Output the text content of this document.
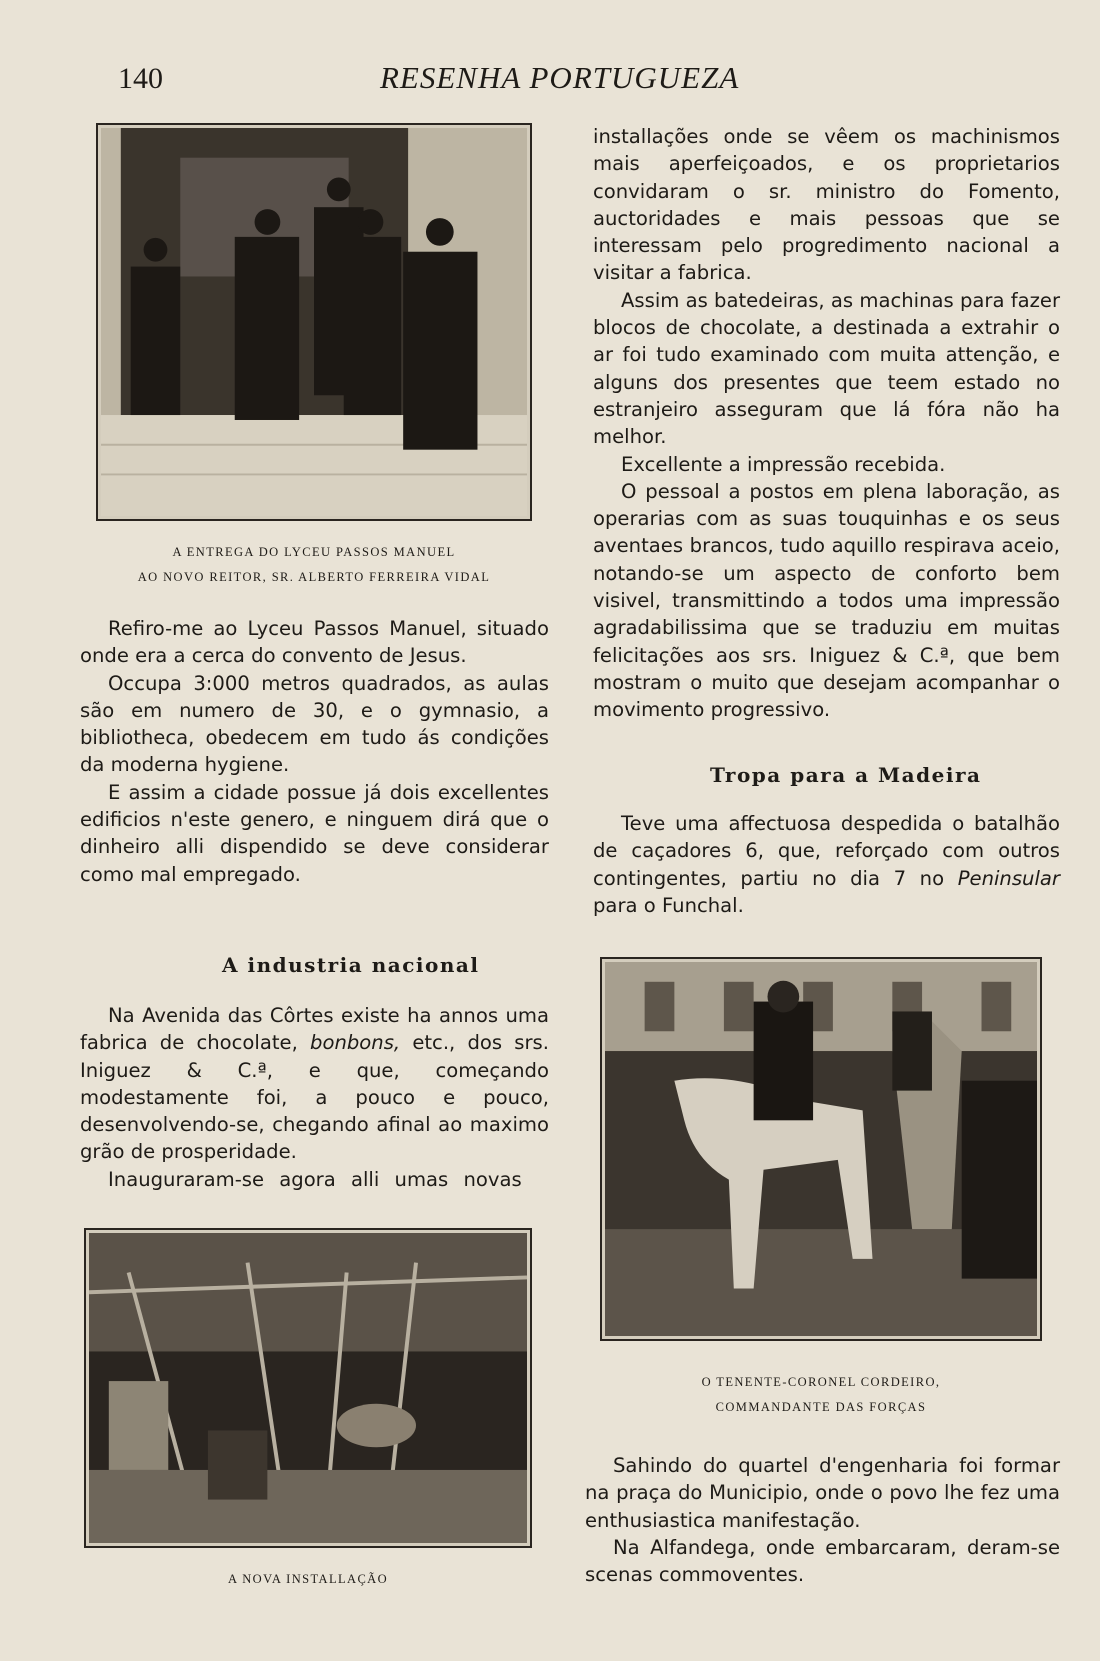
140	RESENHA PORTUGUEZA
A ENTREGA DO LYCEU PASSOS MANUEL
AO NOVO REITOR, SR. ALBERTO FERREIRA VIDAL

Refiro-me ao Lyceu Passos Manuel, situado onde era a cerca do convento de Jesus.

Occupa 3:000 metros quadrados, as aulas são em numero de 30, e o gymnasio, a bibliotheca, obedecem em tudo ás condições da moderna hygiene.

E assim a cidade possue já dois excellentes edificios n'este genero, e ninguem dirá que o dinheiro alli dispendido se deve considerar como mal empregado.

A industria nacional

Na Avenida das Côrtes existe ha annos uma fabrica de chocolate, bonbons, etc., dos srs. Iniguez & C.ª, e que, começando modestamente foi, a pouco e pouco, desenvolvendo-se, chegando afinal ao maximo grão de prosperidade.

Inauguraram-se agora alli umas novas

A NOVA INSTALLAÇÃO

installações onde se vêem os machinismos mais aperfeiçoados, e os proprietarios convidaram o sr. ministro do Fomento, auctoridades e mais pessoas que se interessam pelo progredimento nacional a visitar a fabrica.

Assim as batedeiras, as machinas para fazer blocos de chocolate, a destinada a extrahir o ar foi tudo examinado com muita attenção, e alguns dos presentes que teem estado no estranjeiro asseguram que lá fóra não ha melhor.

Excellente a impressão recebida.

O pessoal a postos em plena laboração, as operarias com as suas touquinhas e os seus aventaes brancos, tudo aquillo respirava aceio, notando-se um aspecto de conforto bem visivel, transmittindo a todos uma impressão agradabilissima que se traduziu em muitas felicitações aos srs. Iniguez & C.ª, que bem mostram o muito que desejam acompanhar o movimento progressivo.

Tropa para a Madeira

Teve uma affectuosa despedida o batalhão de caçadores 6, que, reforçado com outros contingentes, partiu no dia 7 no Peninsular para o Funchal.

O TENENTE-CORONEL CORDEIRO,
COMMANDANTE DAS FORÇAS

Sahindo do quartel d'engenharia foi formar na praça do Municipio, onde o povo lhe fez uma enthusiastica manifestação.

Na Alfandega, onde embarcaram, deram-se scenas commoventes.
